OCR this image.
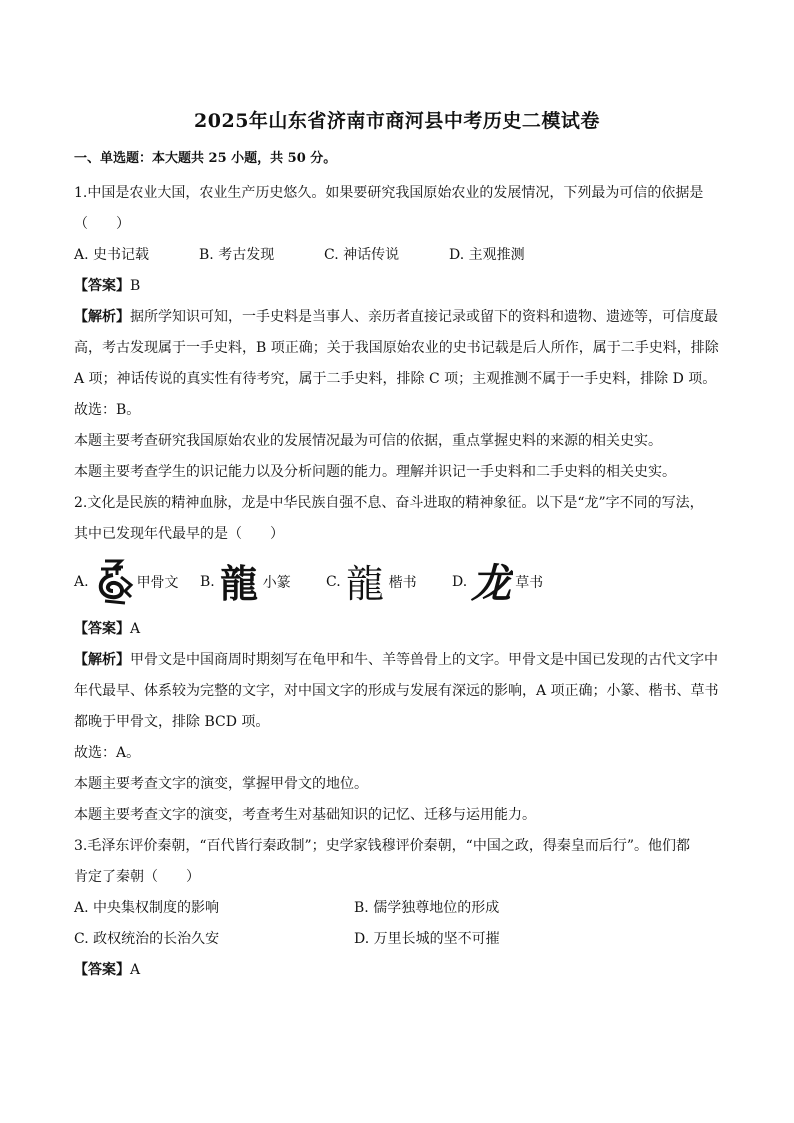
2025年山东省济南市商河县中考历史二模试卷
一、单选题：本大题共 25 小题，共 50 分。
1.中国是农业大国，农业生产历史悠久。如果要研究我国原始农业的发展情况，下列最为可信的依据是
（　　）
A. 史书记载	B. 考古发现	C. 神话传说	D. 主观推测
【答案】B
【解析】据所学知识可知，一手史料是当事人、亲历者直接记录或留下的资料和遗物、遗迹等，可信度最
高，考古发现属于一手史料，B 项正确；关于我国原始农业的史书记载是后人所作，属于二手史料，排除
A 项；神话传说的真实性有待考究，属于二手史料，排除 C 项；主观推测不属于一手史料，排除 D 项。
故选：B。
本题主要考查研究我国原始农业的发展情况最为可信的依据，重点掌握史料的来源的相关史实。
本题主要考查学生的识记能力以及分析问题的能力。理解并识记一手史料和二手史料的相关史实。
2.文化是民族的精神血脉，龙是中华民族自强不息、奋斗进取的精神象征。以下是“龙”字不同的写法，
其中已发现年代最早的是（　　）
A.	甲骨文 B. 龍 小篆	C. 龍 楷书	D. 龙 草书
【答案】A
【解析】甲骨文是中国商周时期刻写在龟甲和牛、羊等兽骨上的文字。甲骨文是中国已发现的古代文字中
年代最早、体系较为完整的文字，对中国文字的形成与发展有深远的影响，A 项正确；小篆、楷书、草书
都晚于甲骨文，排除 BCD 项。
故选：A。
本题主要考查文字的演变，掌握甲骨文的地位。
本题主要考查文字的演变，考查考生对基础知识的记忆、迁移与运用能力。
3.毛泽东评价秦朝，“百代皆行秦政制”；史学家钱穆评价秦朝，“中国之政，得秦皇而后行”。他们都
肯定了秦朝（　　）
A. 中央集权制度的影响	B. 儒学独尊地位的形成
C. 政权统治的长治久安	D. 万里长城的坚不可摧
【答案】A
